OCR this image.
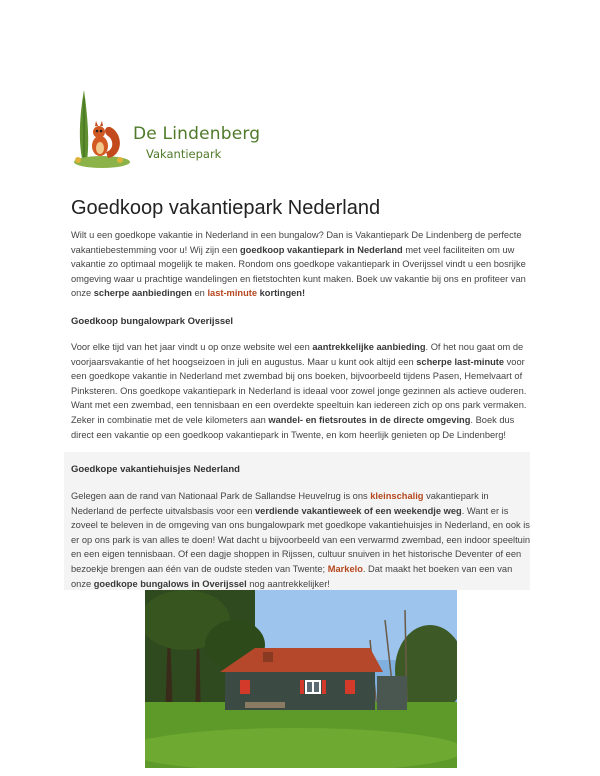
De Lindenberg
Vakantiepark
Goedkoop vakantiepark Nederland

Wilt u een goedkope vakantie in Nederland in een bungalow? Dan is Vakantiepark De Lindenberg de perfecte vakantiebestemming voor u! Wij zijn een goedkoop vakantiepark in Nederland met veel faciliteiten om uw vakantie zo optimaal mogelijk te maken. Rondom ons goedkope vakantiepark in Overijssel vindt u een bosrijke omgeving waar u prachtige wandelingen en fietstochten kunt maken. Boek uw vakantie bij ons en profiteer van onze scherpe aanbiedingen en last-minute kortingen!

Goedkoop bungalowpark Overijssel

Voor elke tijd van het jaar vindt u op onze website wel een aantrekkelijke aanbieding. Of het nou gaat om de voorjaarsvakantie of het hoogseizoen in juli en augustus. Maar u kunt ook altijd een scherpe last-minute voor een goedkope vakantie in Nederland met zwembad bij ons boeken, bijvoorbeeld tijdens Pasen, Hemelvaart of Pinksteren. Ons goedkope vakantiepark in Nederland is ideaal voor zowel jonge gezinnen als actieve ouderen. Want met een zwembad, een tennisbaan en een overdekte speeltuin kan iedereen zich op ons park vermaken. Zeker in combinatie met de vele kilometers aan wandel- en fietsroutes in de directe omgeving. Boek dus direct een vakantie op een goedkoop vakantiepark in Twente, en kom heerlijk genieten op De Lindenberg!

Goedkope vakantiehuisjes Nederland

Gelegen aan de rand van Nationaal Park de Sallandse Heuvelrug is ons kleinschalig vakantiepark in Nederland de perfecte uitvalsbasis voor een verdiende vakantieweek of een weekendje weg. Want er is zoveel te beleven in de omgeving van ons bungalowpark met goedkope vakantiehuisjes in Nederland, en ook is er op ons park is van alles te doen! Wat dacht u bijvoorbeeld van een verwarmd zwembad, een indoor speeltuin en een eigen tennisbaan. Of een dagje shoppen in Rijssen, cultuur snuiven in het historische Deventer of een bezoekje brengen aan één van de oudste steden van Twente; Markelo. Dat maakt het boeken van een van onze goedkope bungalows in Overijssel nog aantrekkelijker!
